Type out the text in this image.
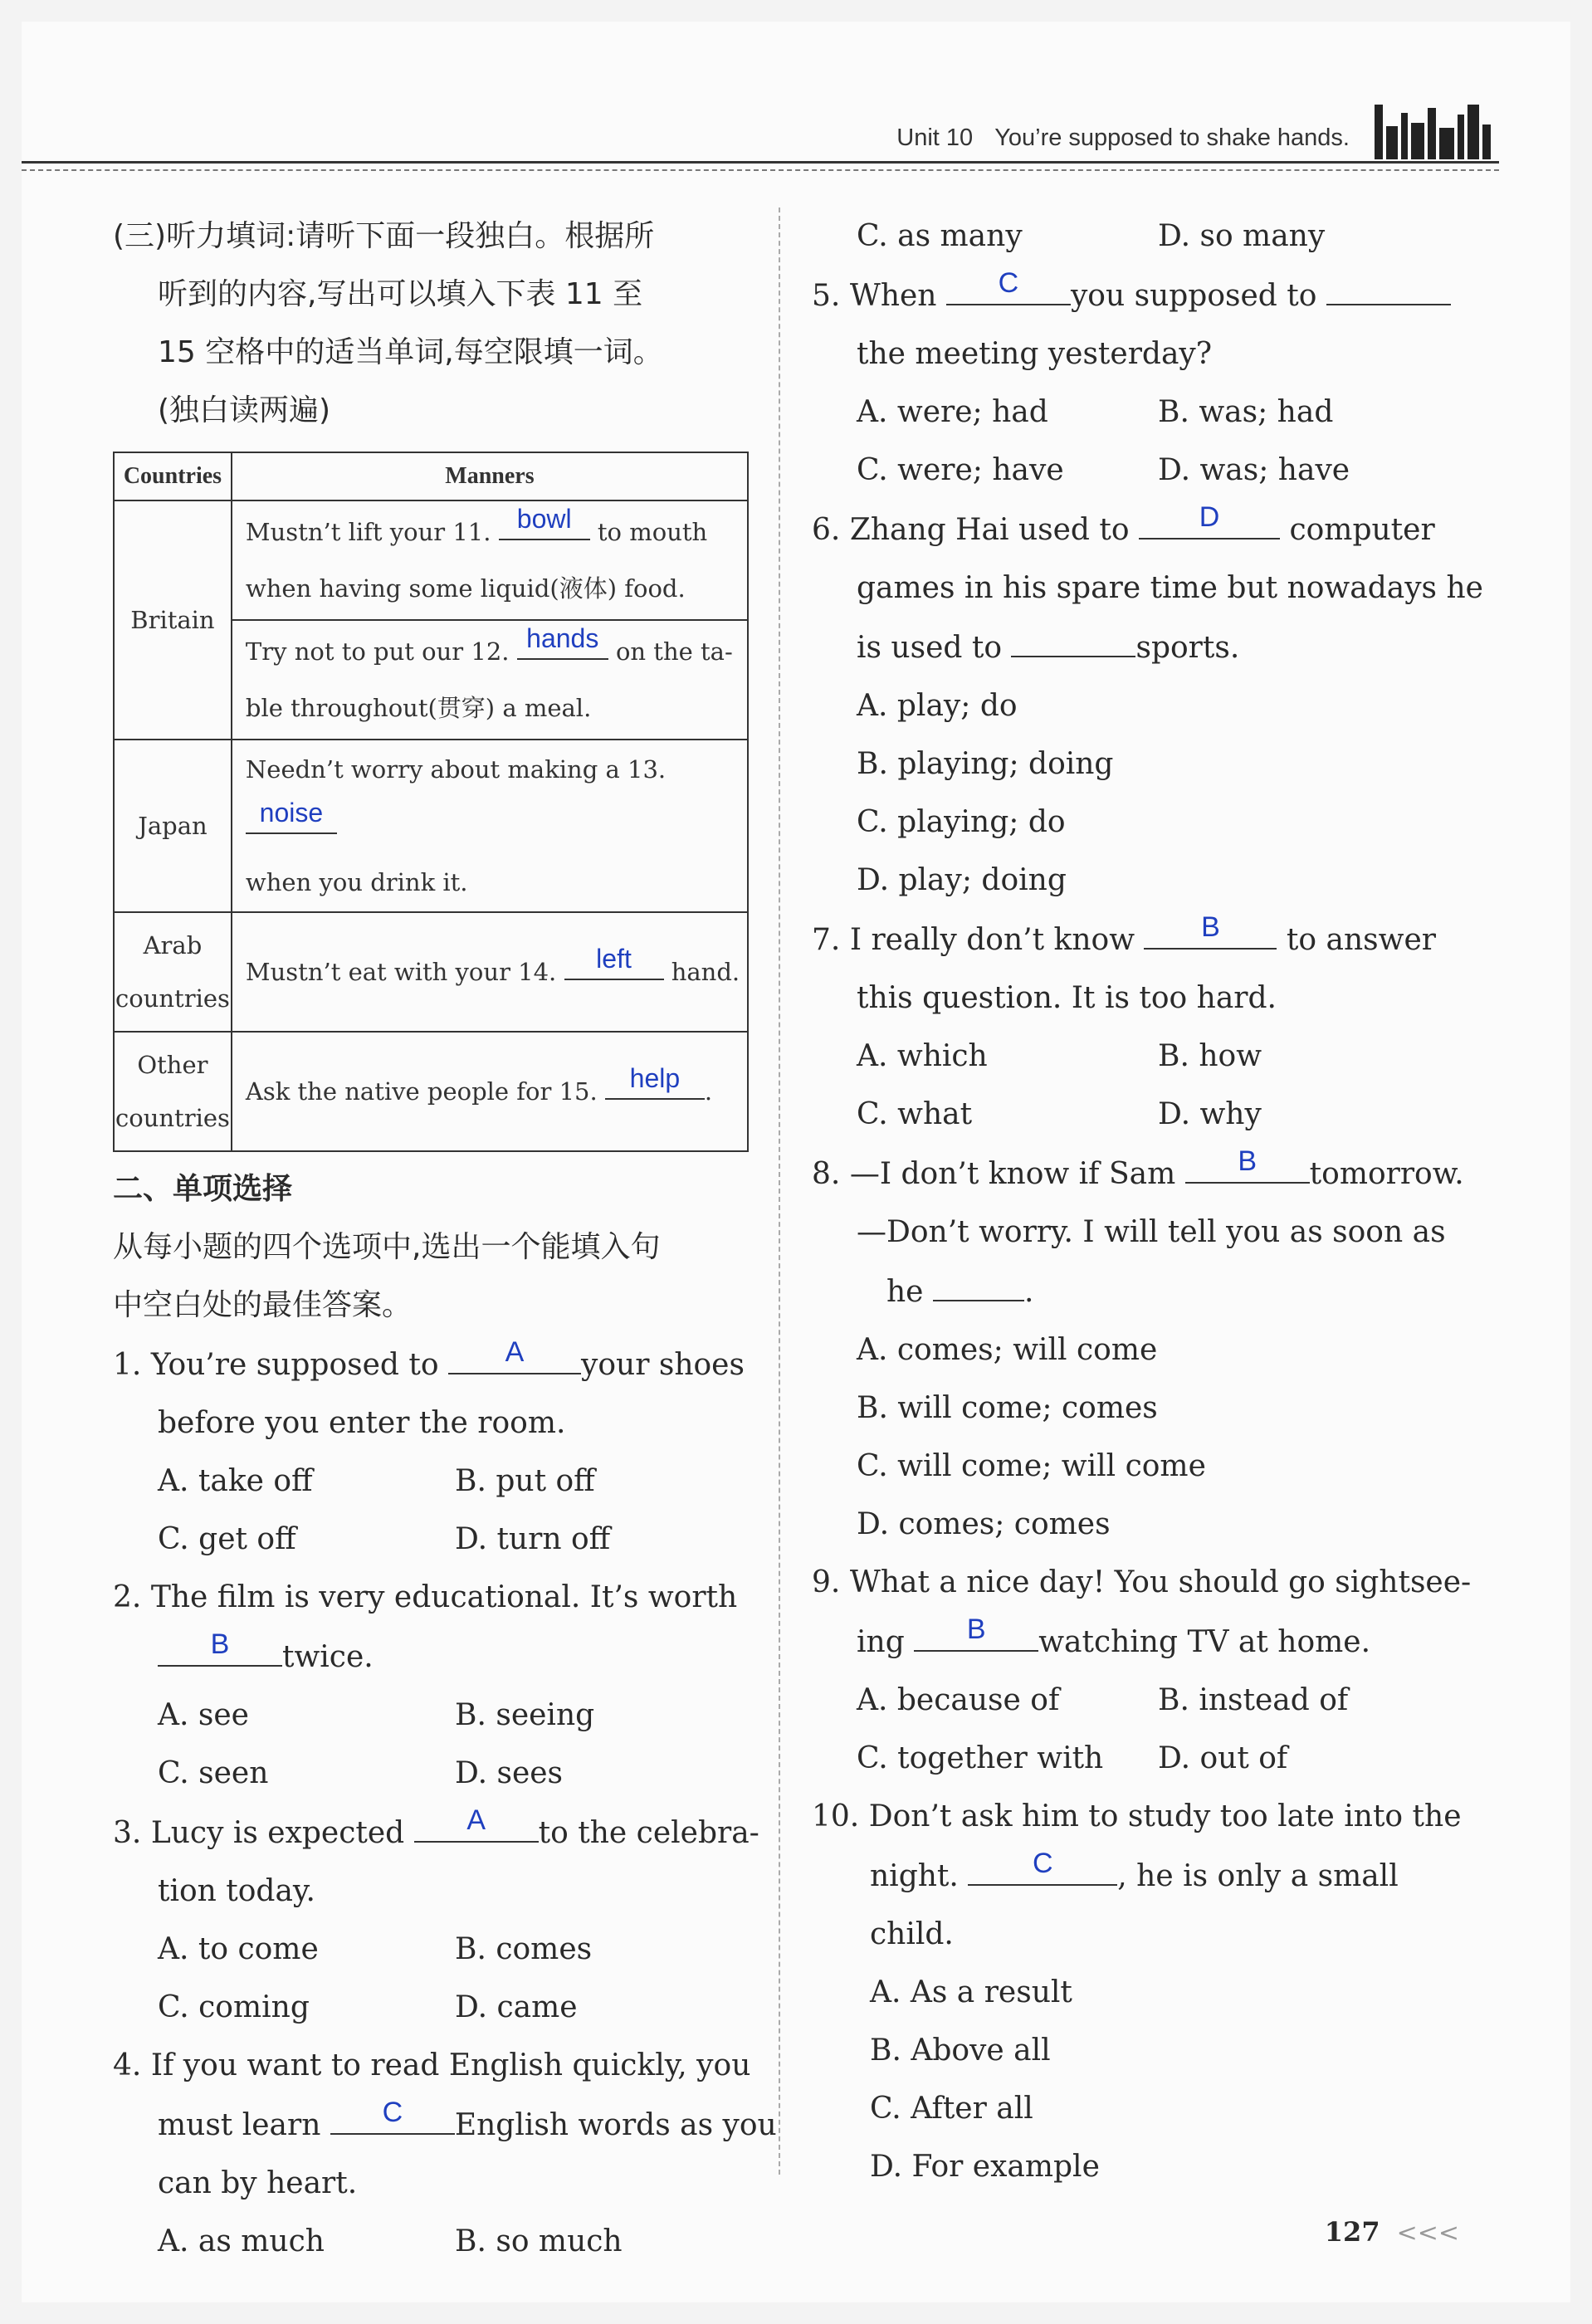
Unit 10 You’re supposed to shake hands.
(三)听力填词:请听下面一段独白。根据所
听到的内容,写出可以填入下表 11 至
15 空格中的适当单词,每空限填一词。
(独白读两遍)
Countries	Manners
Britain	Mustn’t lift your 11. bowl to mouth
when having some liquid(液体) food.
	Try not to put our 12. hands on the ta-
ble throughout(贯穿) a meal.
Japan	Needn’t worry about making a 13.
noise

when you drink it.
Arab
countries	Mustn’t eat with your 14. left hand.
Other
countries	Ask the native people for 15. help .
二、单项选择
从每小题的四个选项中,选出一个能填入句
中空白处的最佳答案。
1. You’re supposed to	A	your shoes
before you enter the room.
A. take off	B. put off
C. get off	D. turn off
2. The film is very educational. It’s worth
B	twice.
A. see	B. seeing
C. seen	D. sees
3. Lucy is expected	A	to the celebra-
tion today.
A. to come	B. comes
C. coming	D. came
4. If you want to read English quickly, you
must learn	C	English words as you
can by heart.
A. as much	B. so much
C. as many	D. so many
5. When	C	you supposed to
the meeting yesterday?
A. were; had	B. was; had
C. were; have	D. was; have
6. Zhang Hai used to	D	computer
games in his spare time but nowadays he
is used to	sports.
A. play; do
B. playing; doing
C. playing; do
D. play; doing
7. I really don’t know	B	to answer
this question. It is too hard.
A. which	B. how
C. what	D. why
8. —I don’t know if Sam	B	tomorrow.
—Don’t worry. I will tell you as soon as
he	.
A. comes; will come
B. will come; comes
C. will come; will come
D. comes; comes
9. What a nice day! You should go sightsee-
ing	B	watching TV at home.
A. because of	B. instead of
C. together with	D. out of
10. Don’t ask him to study too late into the
night.	C	, he is only a small
child.
A. As a result
B. Above all
C. After all
D. For example
127 <<<
